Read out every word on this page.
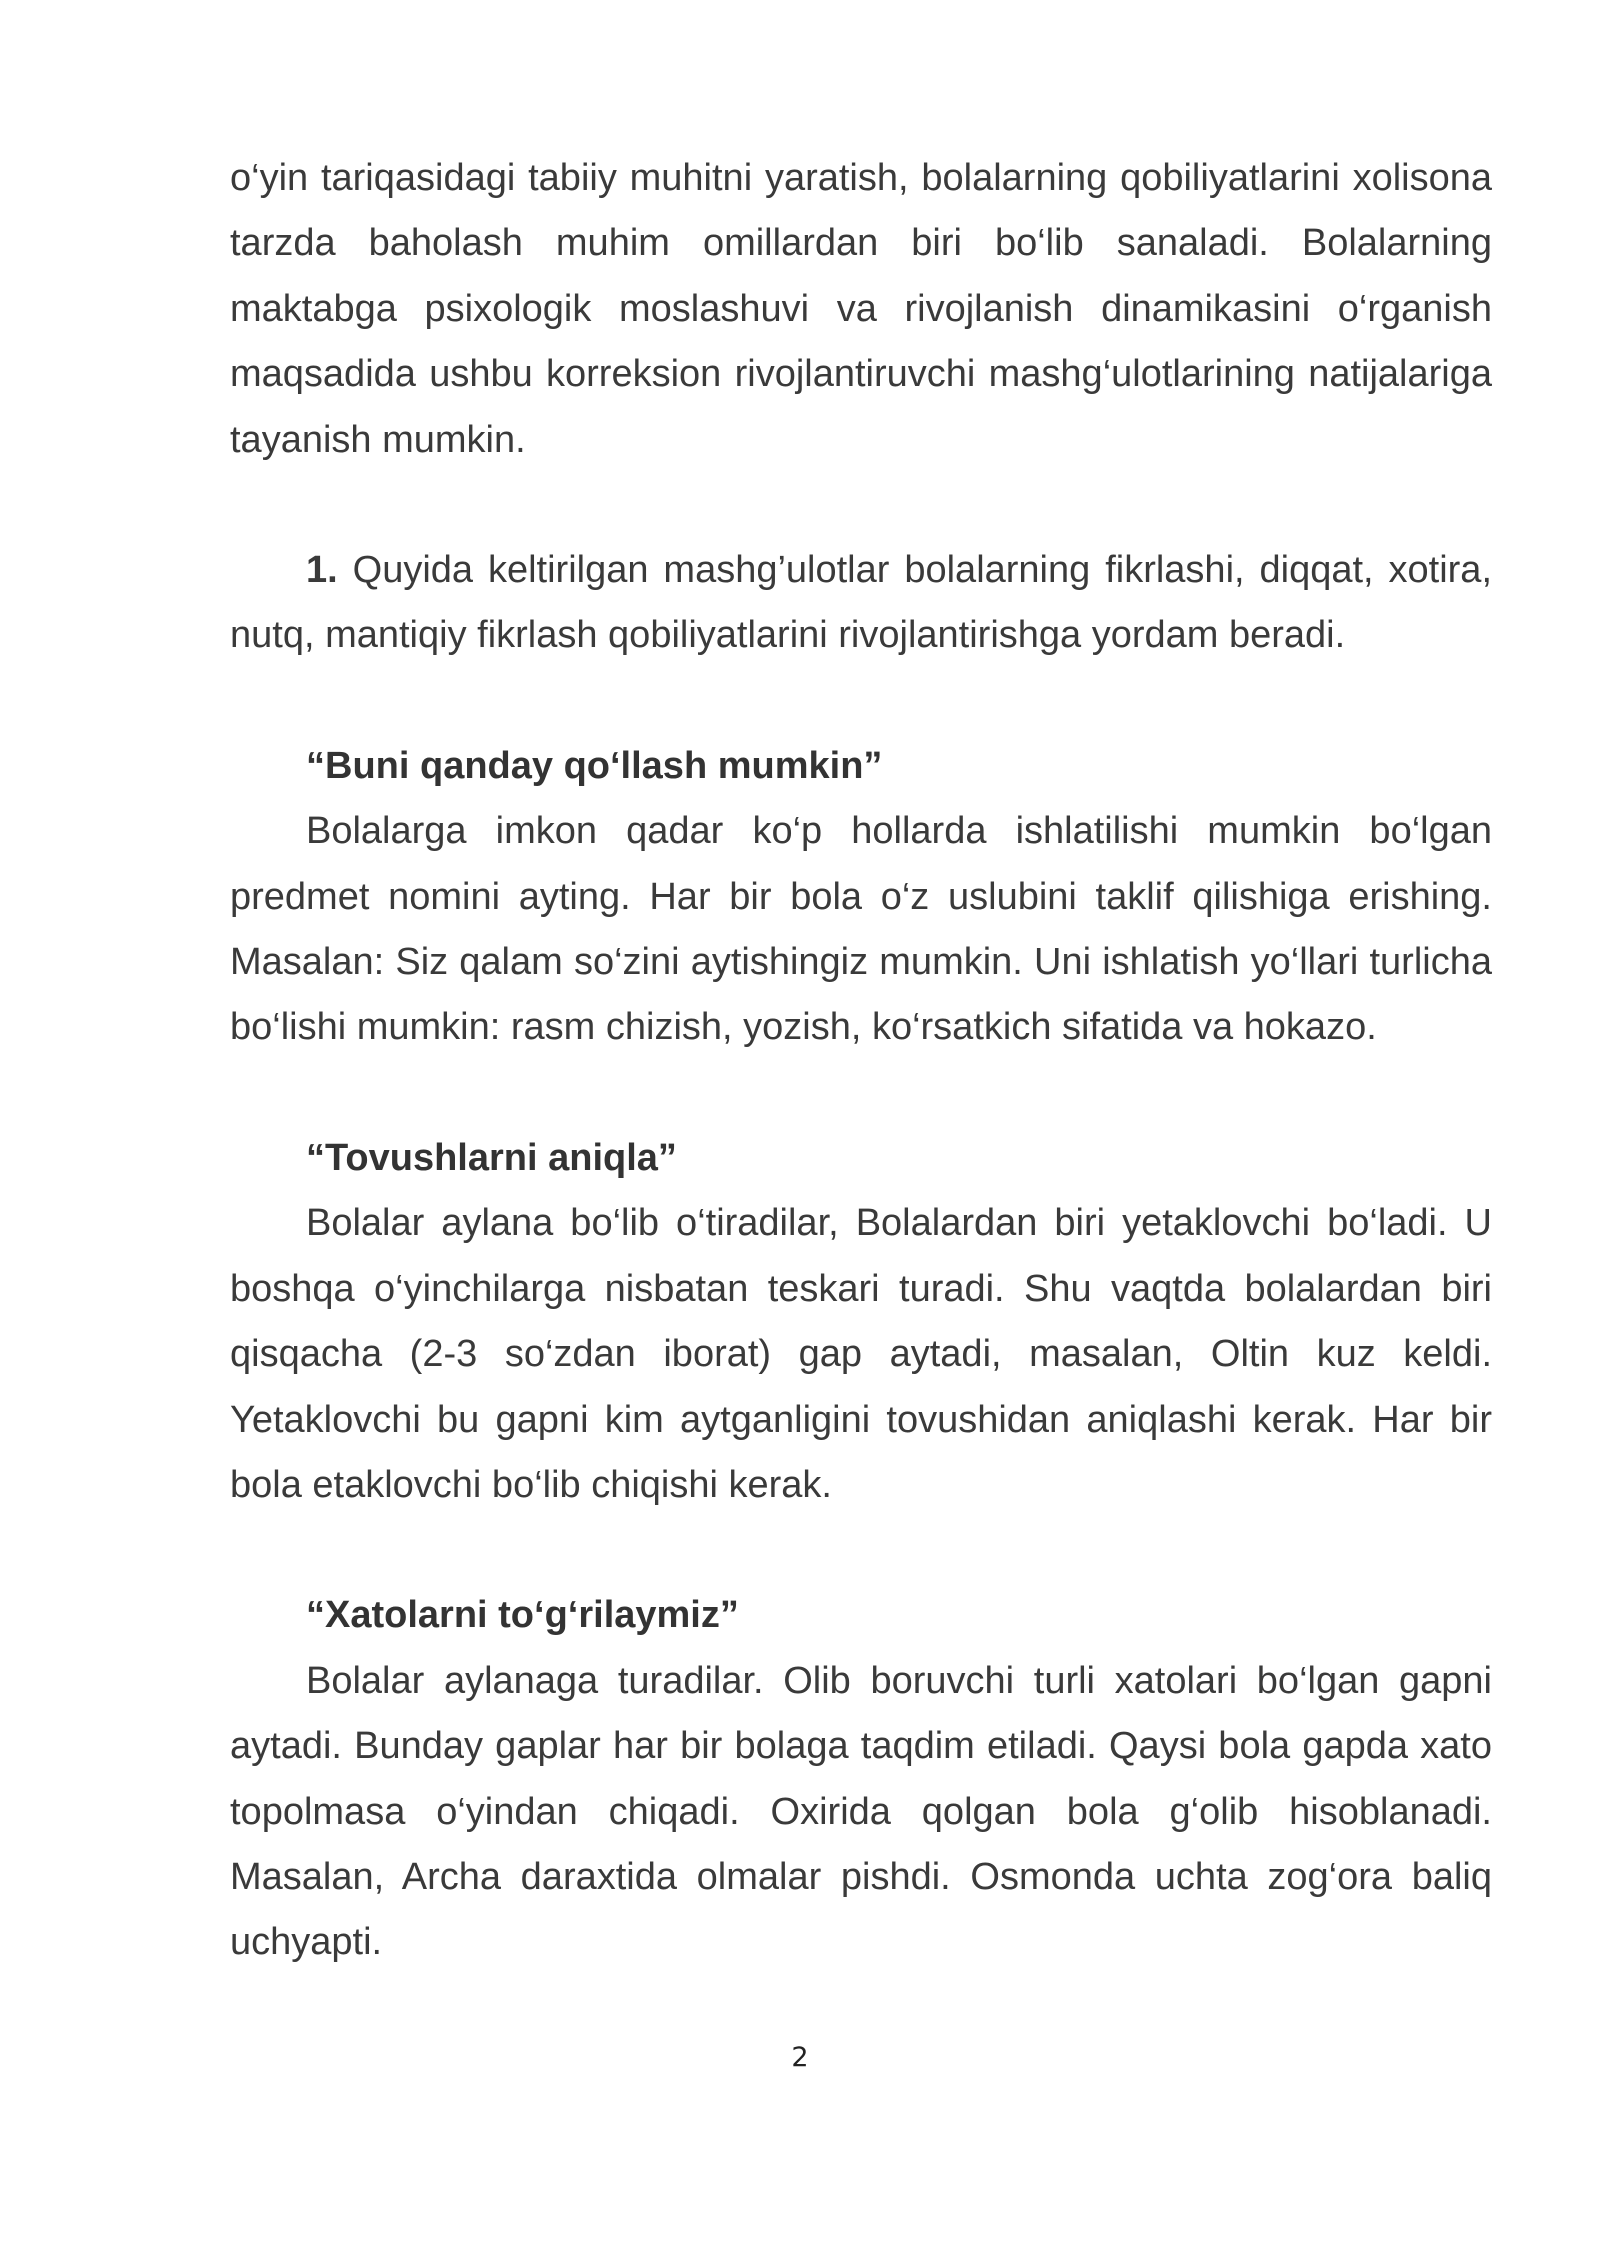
o‘yin tariqasidagi tabiiy muhitni yaratish, bolalarning qobiliyatlarini xolisona tarzda baholash muhim omillardan biri bo‘lib sanaladi. Bolalarning maktabga psixologik moslashuvi va rivojlanish dinamikasini o‘rganish maqsadida ushbu korreksion rivojlantiruvchi mashg‘ulotlarining natijalariga tayanish mumkin.

1. Quyida keltirilgan mashg’ulotlar bolalarning fikrlashi, diqqat, xotira, nutq, mantiqiy fikrlash qobiliyatlarini rivojlantirishga yordam beradi.

“Buni qanday qo‘llash mumkin”

Bolalarga imkon qadar ko‘p hollarda ishlatilishi mumkin bo‘lgan predmet nomini ayting. Har bir bola o‘z uslubini taklif qilishiga erishing. Masalan: Siz qalam so‘zini aytishingiz mumkin. Uni ishlatish yo‘llari turlicha bo‘lishi mumkin: rasm chizish, yozish, ko‘rsatkich sifatida va hokazo.

“Tovushlarni aniqla”

Bolalar aylana bo‘lib o‘tiradilar, Bolalardan biri yetaklovchi bo‘ladi. U boshqa o‘yinchilarga nisbatan teskari turadi. Shu vaqtda bolalardan biri qisqacha (2-3 so‘zdan iborat) gap aytadi, masalan, Oltin kuz keldi. Yetaklovchi bu gapni kim aytganligini tovushidan aniqlashi kerak. Har bir bola etaklovchi bo‘lib chiqishi kerak.

“Xatolarni to‘g‘rilaymiz”

Bolalar aylanaga turadilar. Olib boruvchi turli xatolari bo‘lgan gapni aytadi. Bunday gaplar har bir bolaga taqdim etiladi. Qaysi bola gapda xato topolmasa o‘yindan chiqadi. Oxirida qolgan bola g‘olib hisoblanadi. Masalan, Archa daraxtida olmalar pishdi. Osmonda uchta zog‘ora baliq uchyapti.

2
